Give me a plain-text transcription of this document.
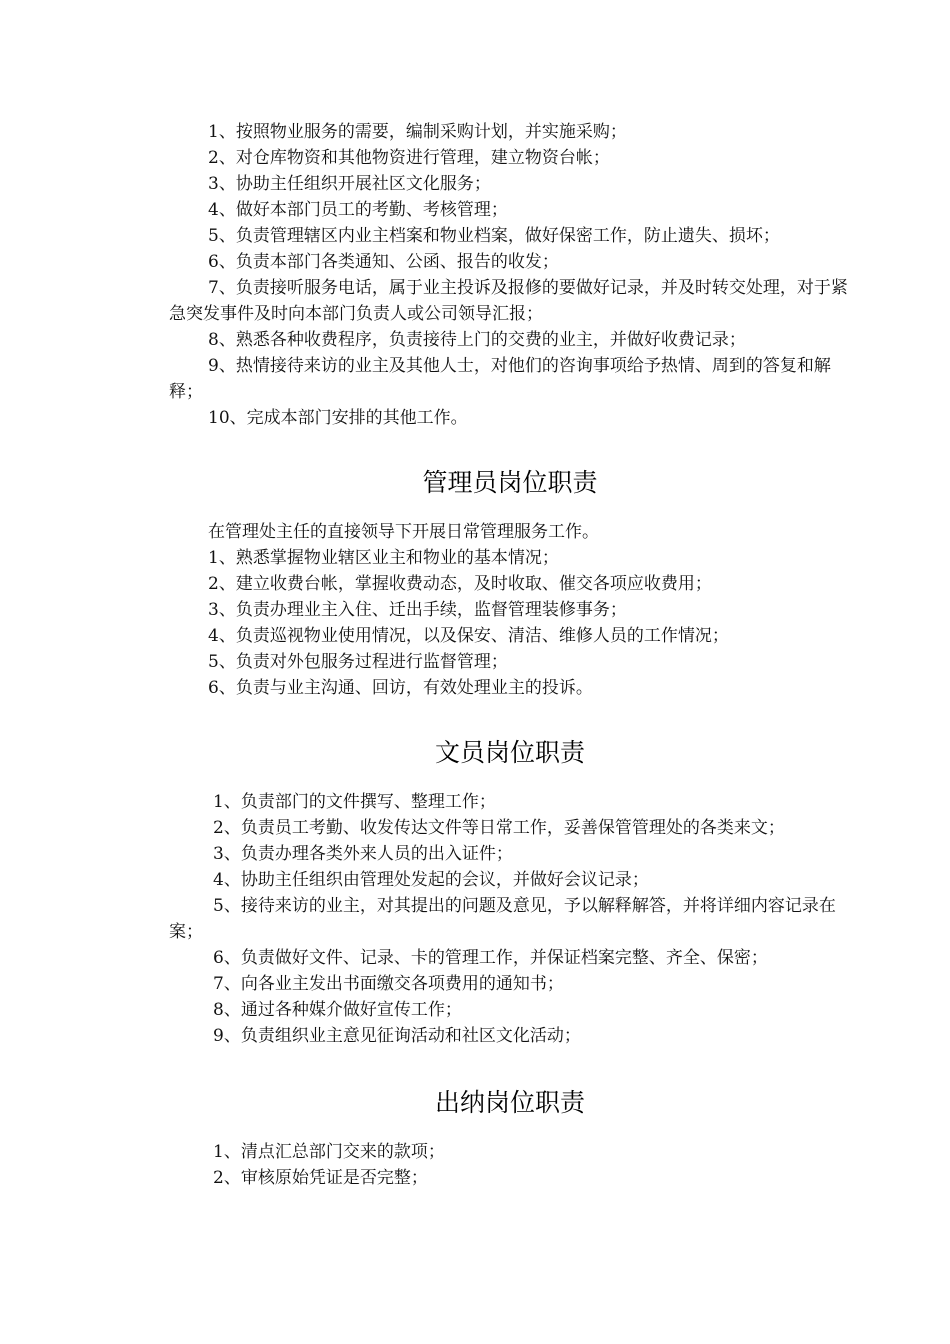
1、按照物业服务的需要，编制采购计划，并实施采购；

2、对仓库物资和其他物资进行管理，建立物资台帐；

3、协助主任组织开展社区文化服务；

4、做好本部门员工的考勤、考核管理；

5、负责管理辖区内业主档案和物业档案，做好保密工作，防止遗失、损坏；

6、负责本部门各类通知、公函、报告的收发；

7、负责接听服务电话，属于业主投诉及报修的要做好记录，并及时转交处理，对于紧急突发事件及时向本部门负责人或公司领导汇报；

8、熟悉各种收费程序，负责接待上门的交费的业主，并做好收费记录；

9、热情接待来访的业主及其他人士，对他们的咨询事项给予热情、周到的答复和解释；

10、完成本部门安排的其他工作。

管理员岗位职责

在管理处主任的直接领导下开展日常管理服务工作。

1、熟悉掌握物业辖区业主和物业的基本情况；

2、建立收费台帐，掌握收费动态，及时收取、催交各项应收费用；

3、负责办理业主入住、迁出手续，监督管理装修事务；

4、负责巡视物业使用情况，以及保安、清洁、维修人员的工作情况；

5、负责对外包服务过程进行监督管理；

6、负责与业主沟通、回访，有效处理业主的投诉。

文员岗位职责

1、负责部门的文件撰写、整理工作；

2、负责员工考勤、收发传达文件等日常工作，妥善保管管理处的各类来文；

3、负责办理各类外来人员的出入证件；

4、协助主任组织由管理处发起的会议，并做好会议记录；

5、接待来访的业主，对其提出的问题及意见，予以解释解答，并将详细内容记录在案；

6、负责做好文件、记录、卡的管理工作，并保证档案完整、齐全、保密；

7、向各业主发出书面缴交各项费用的通知书；

8、通过各种媒介做好宣传工作；

9、负责组织业主意见征询活动和社区文化活动；

出纳岗位职责

1、清点汇总部门交来的款项；

2、审核原始凭证是否完整；
